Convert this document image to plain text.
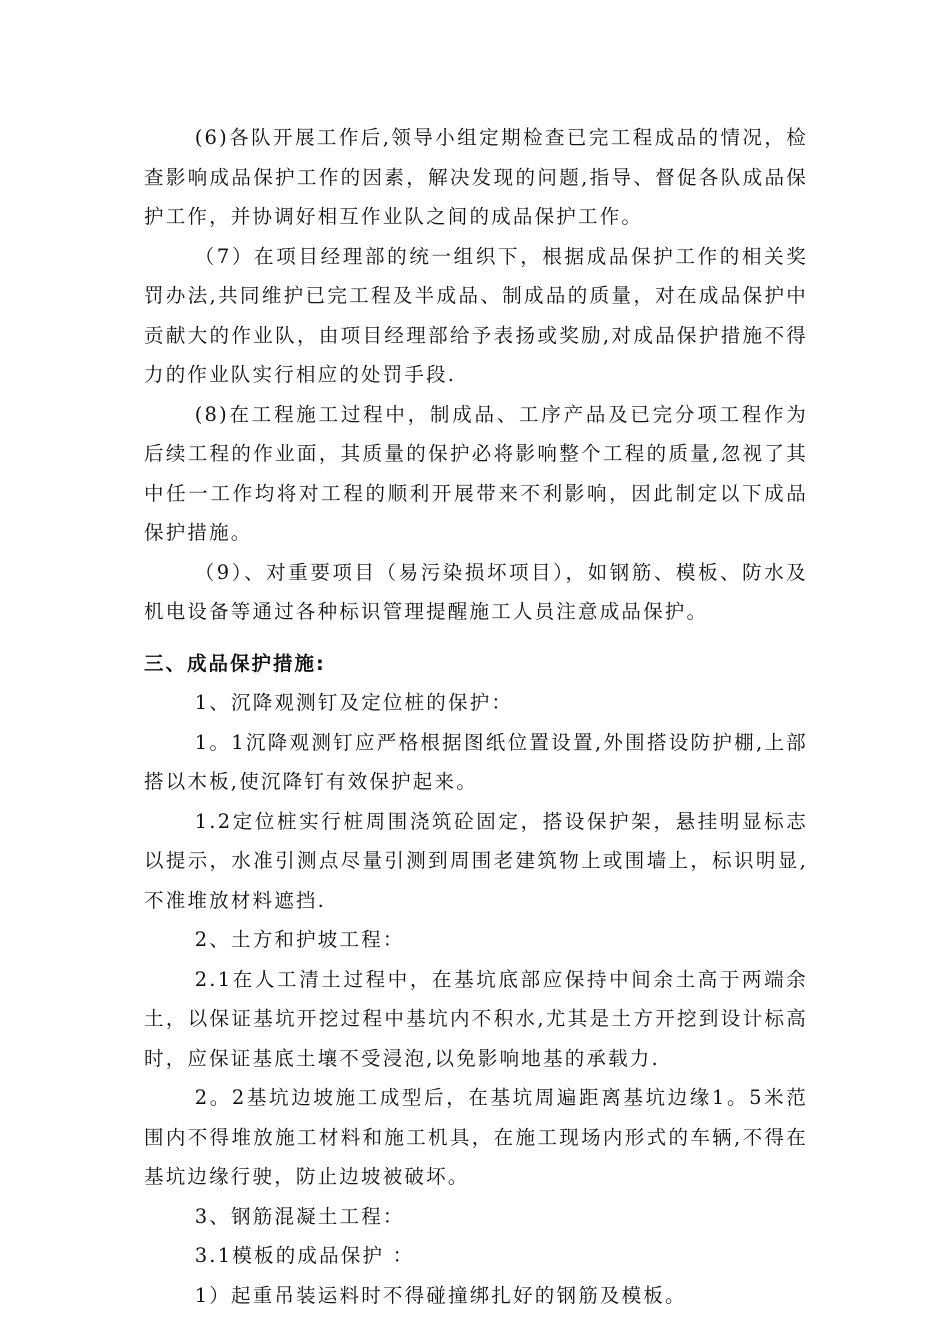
(6)各队开展工作后,领导小组定期检查已完工程成品的情况，检查影响成品保护工作的因素，解决发现的问题,指导、督促各队成品保护工作，并协调好相互作业队之间的成品保护工作。

（7）在项目经理部的统一组织下，根据成品保护工作的相关奖罚办法,共同维护已完工程及半成品、制成品的质量，对在成品保护中贡献大的作业队，由项目经理部给予表扬或奖励,对成品保护措施不得力的作业队实行相应的处罚手段.

(8)在工程施工过程中，制成品、工序产品及已完分项工程作为后续工程的作业面，其质量的保护必将影响整个工程的质量,忽视了其中任一工作均将对工程的顺利开展带来不利影响，因此制定以下成品保护措施。

（9）、对重要项目（易污染损坏项目），如钢筋、模板、防水及机电设备等通过各种标识管理提醒施工人员注意成品保护。

三、成品保护措施:

1、沉降观测钉及定位桩的保护：

1。1沉降观测钉应严格根据图纸位置设置,外围搭设防护棚,上部搭以木板,使沉降钉有效保护起来。

1.2定位桩实行桩周围浇筑砼固定，搭设保护架，悬挂明显标志以提示，水准引测点尽量引测到周围老建筑物上或围墙上，标识明显,不准堆放材料遮挡.

2、土方和护坡工程：

2.1在人工清土过程中，在基坑底部应保持中间余土高于两端余土，以保证基坑开挖过程中基坑内不积水,尤其是土方开挖到设计标高时，应保证基底土壤不受浸泡,以免影响地基的承载力.

2。2基坑边坡施工成型后，在基坑周遍距离基坑边缘1。5米范围内不得堆放施工材料和施工机具，在施工现场内形式的车辆,不得在基坑边缘行驶，防止边坡被破坏。

3、钢筋混凝土工程：

3.1模板的成品保护 ：

1）起重吊装运料时不得碰撞绑扎好的钢筋及模板。
